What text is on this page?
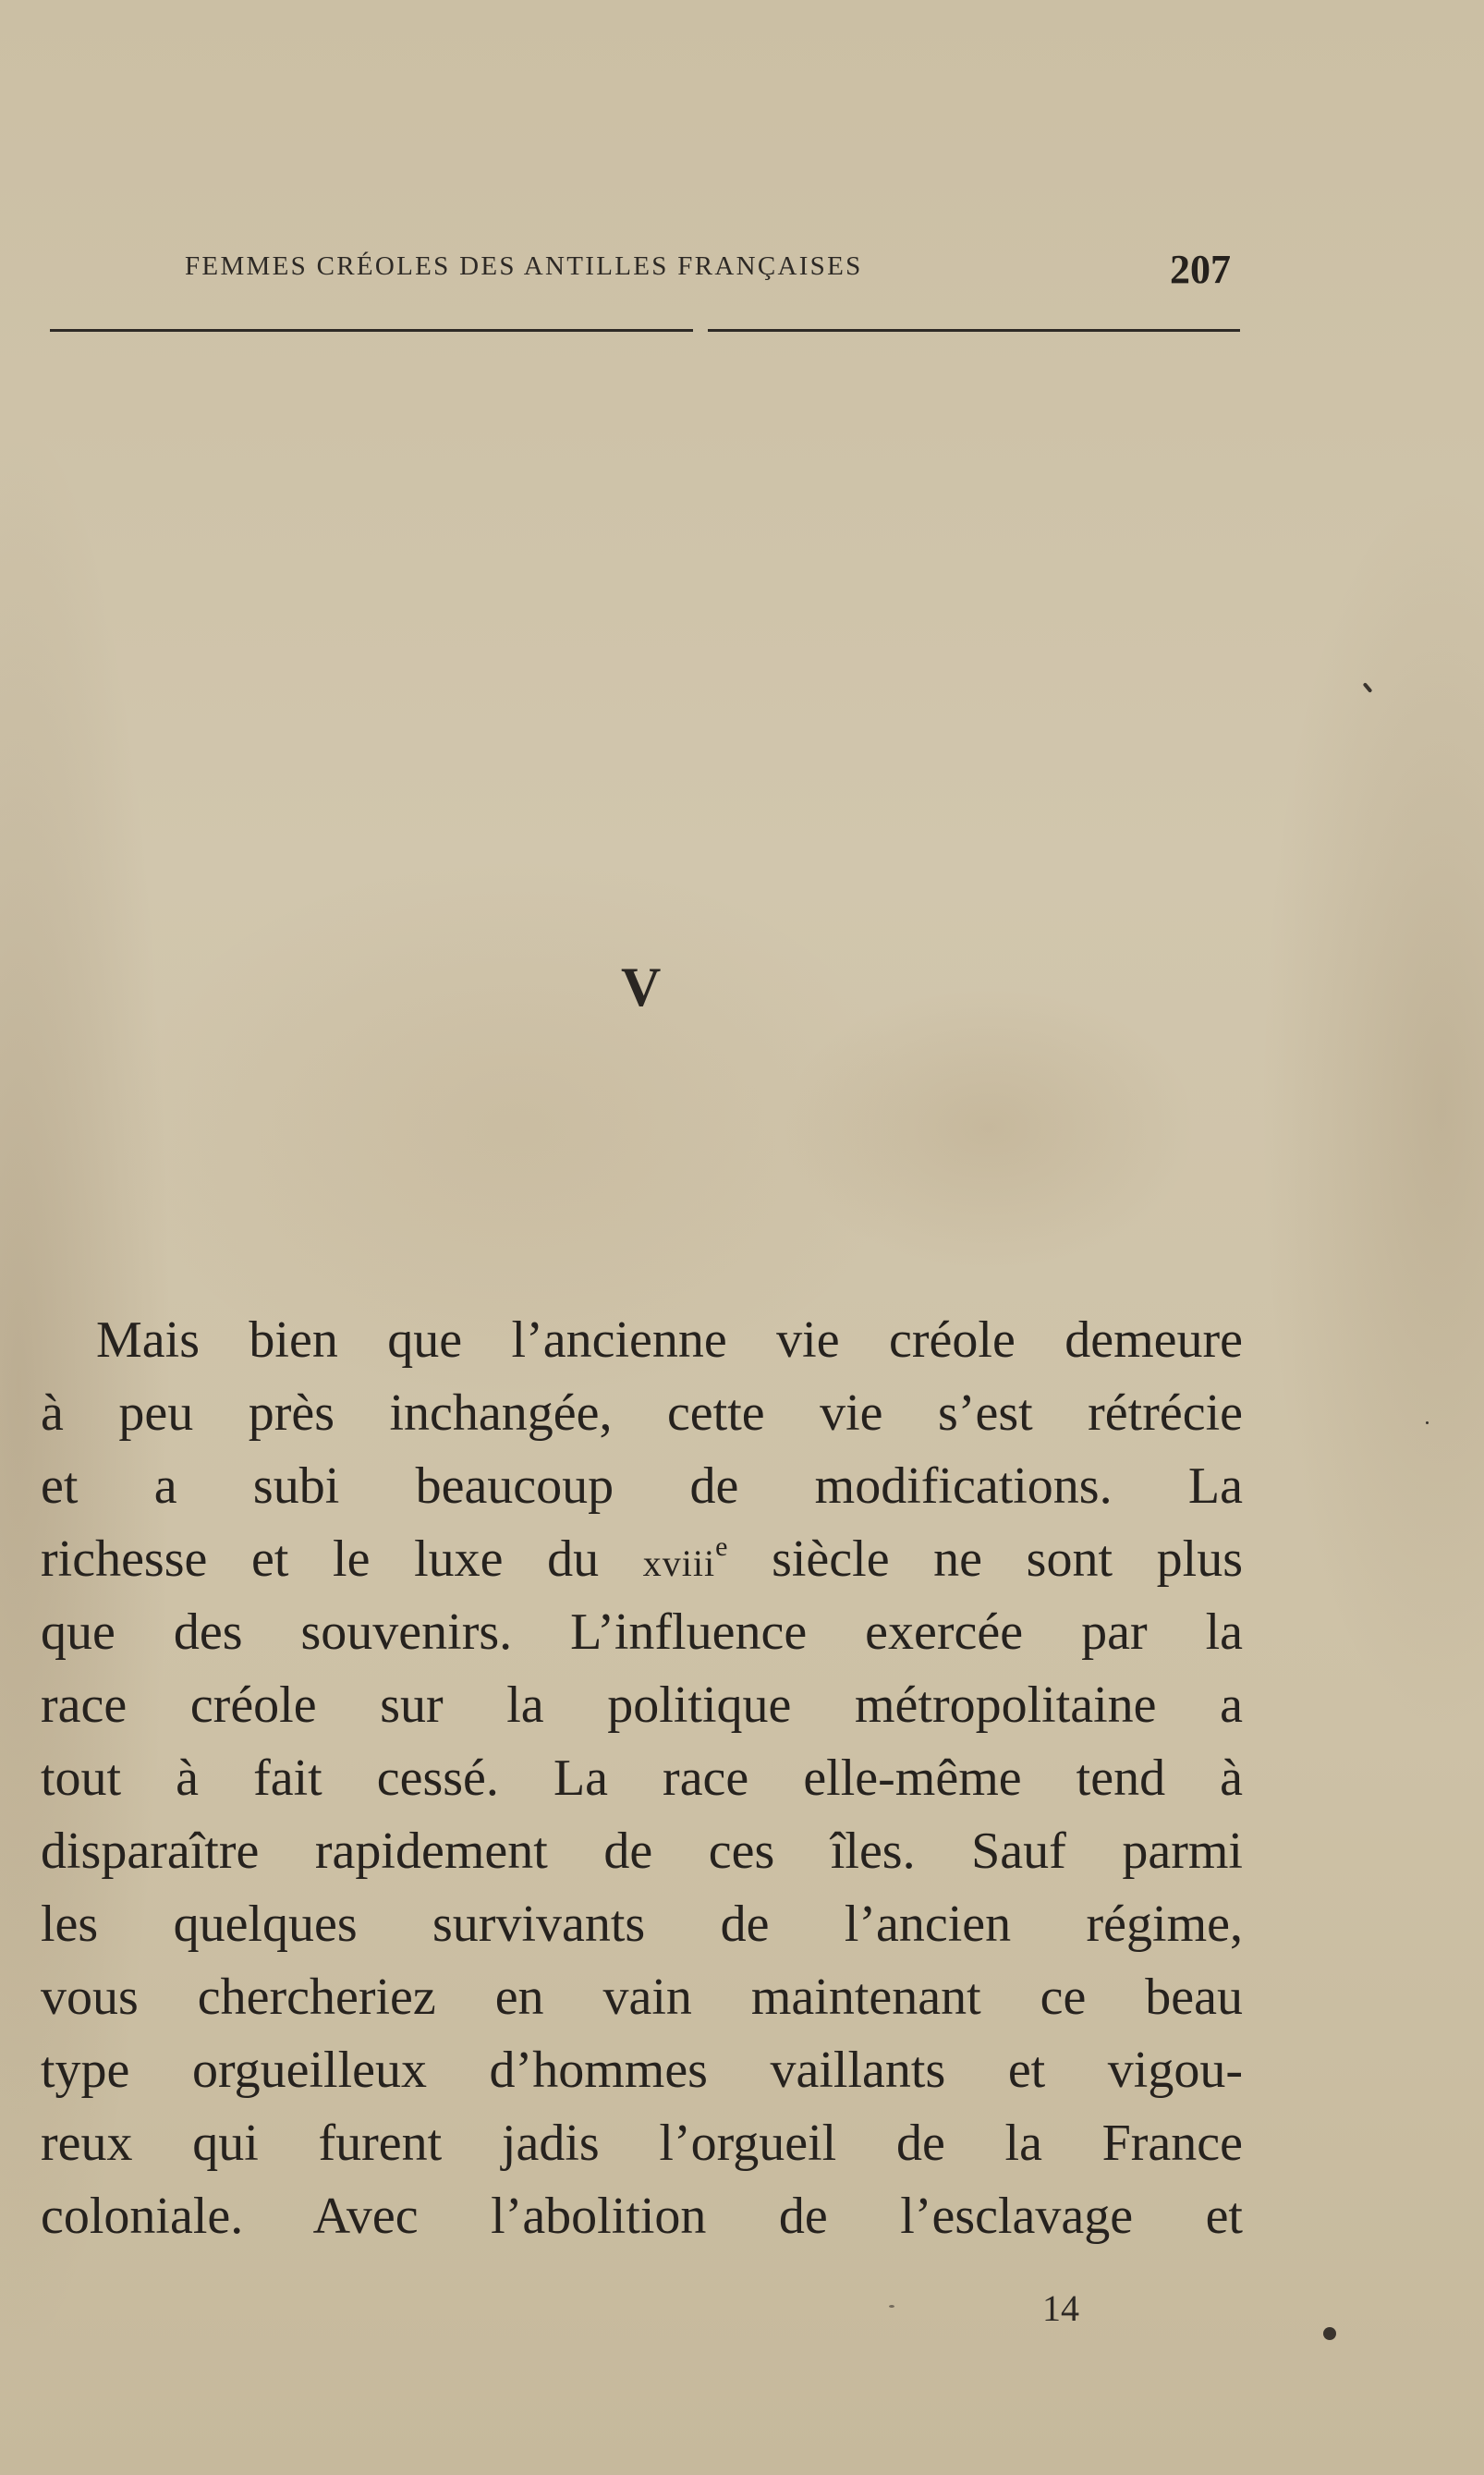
FEMMES CRÉOLES DES ANTILLES FRANÇAISES	207
V
Mais bien que l’ancienne vie créole demeure
à peu près inchangée, cette vie s’est rétrécie
et a subi beaucoup de modifications. La
richesse et le luxe du xviii$^e$ siècle ne sont plus
que des souvenirs. L’influence exercée par la
race créole sur la politique métropolitaine a
tout à fait cessé. La race elle-même tend à
disparaître rapidement de ces îles. Sauf parmi
les quelques survivants de l’ancien régime,
vous chercheriez en vain maintenant ce beau
type orgueilleux d’hommes vaillants et vigou-
reux qui furent jadis l’orgueil de la France
coloniale. Avec l’abolition de l’esclavage et
14
